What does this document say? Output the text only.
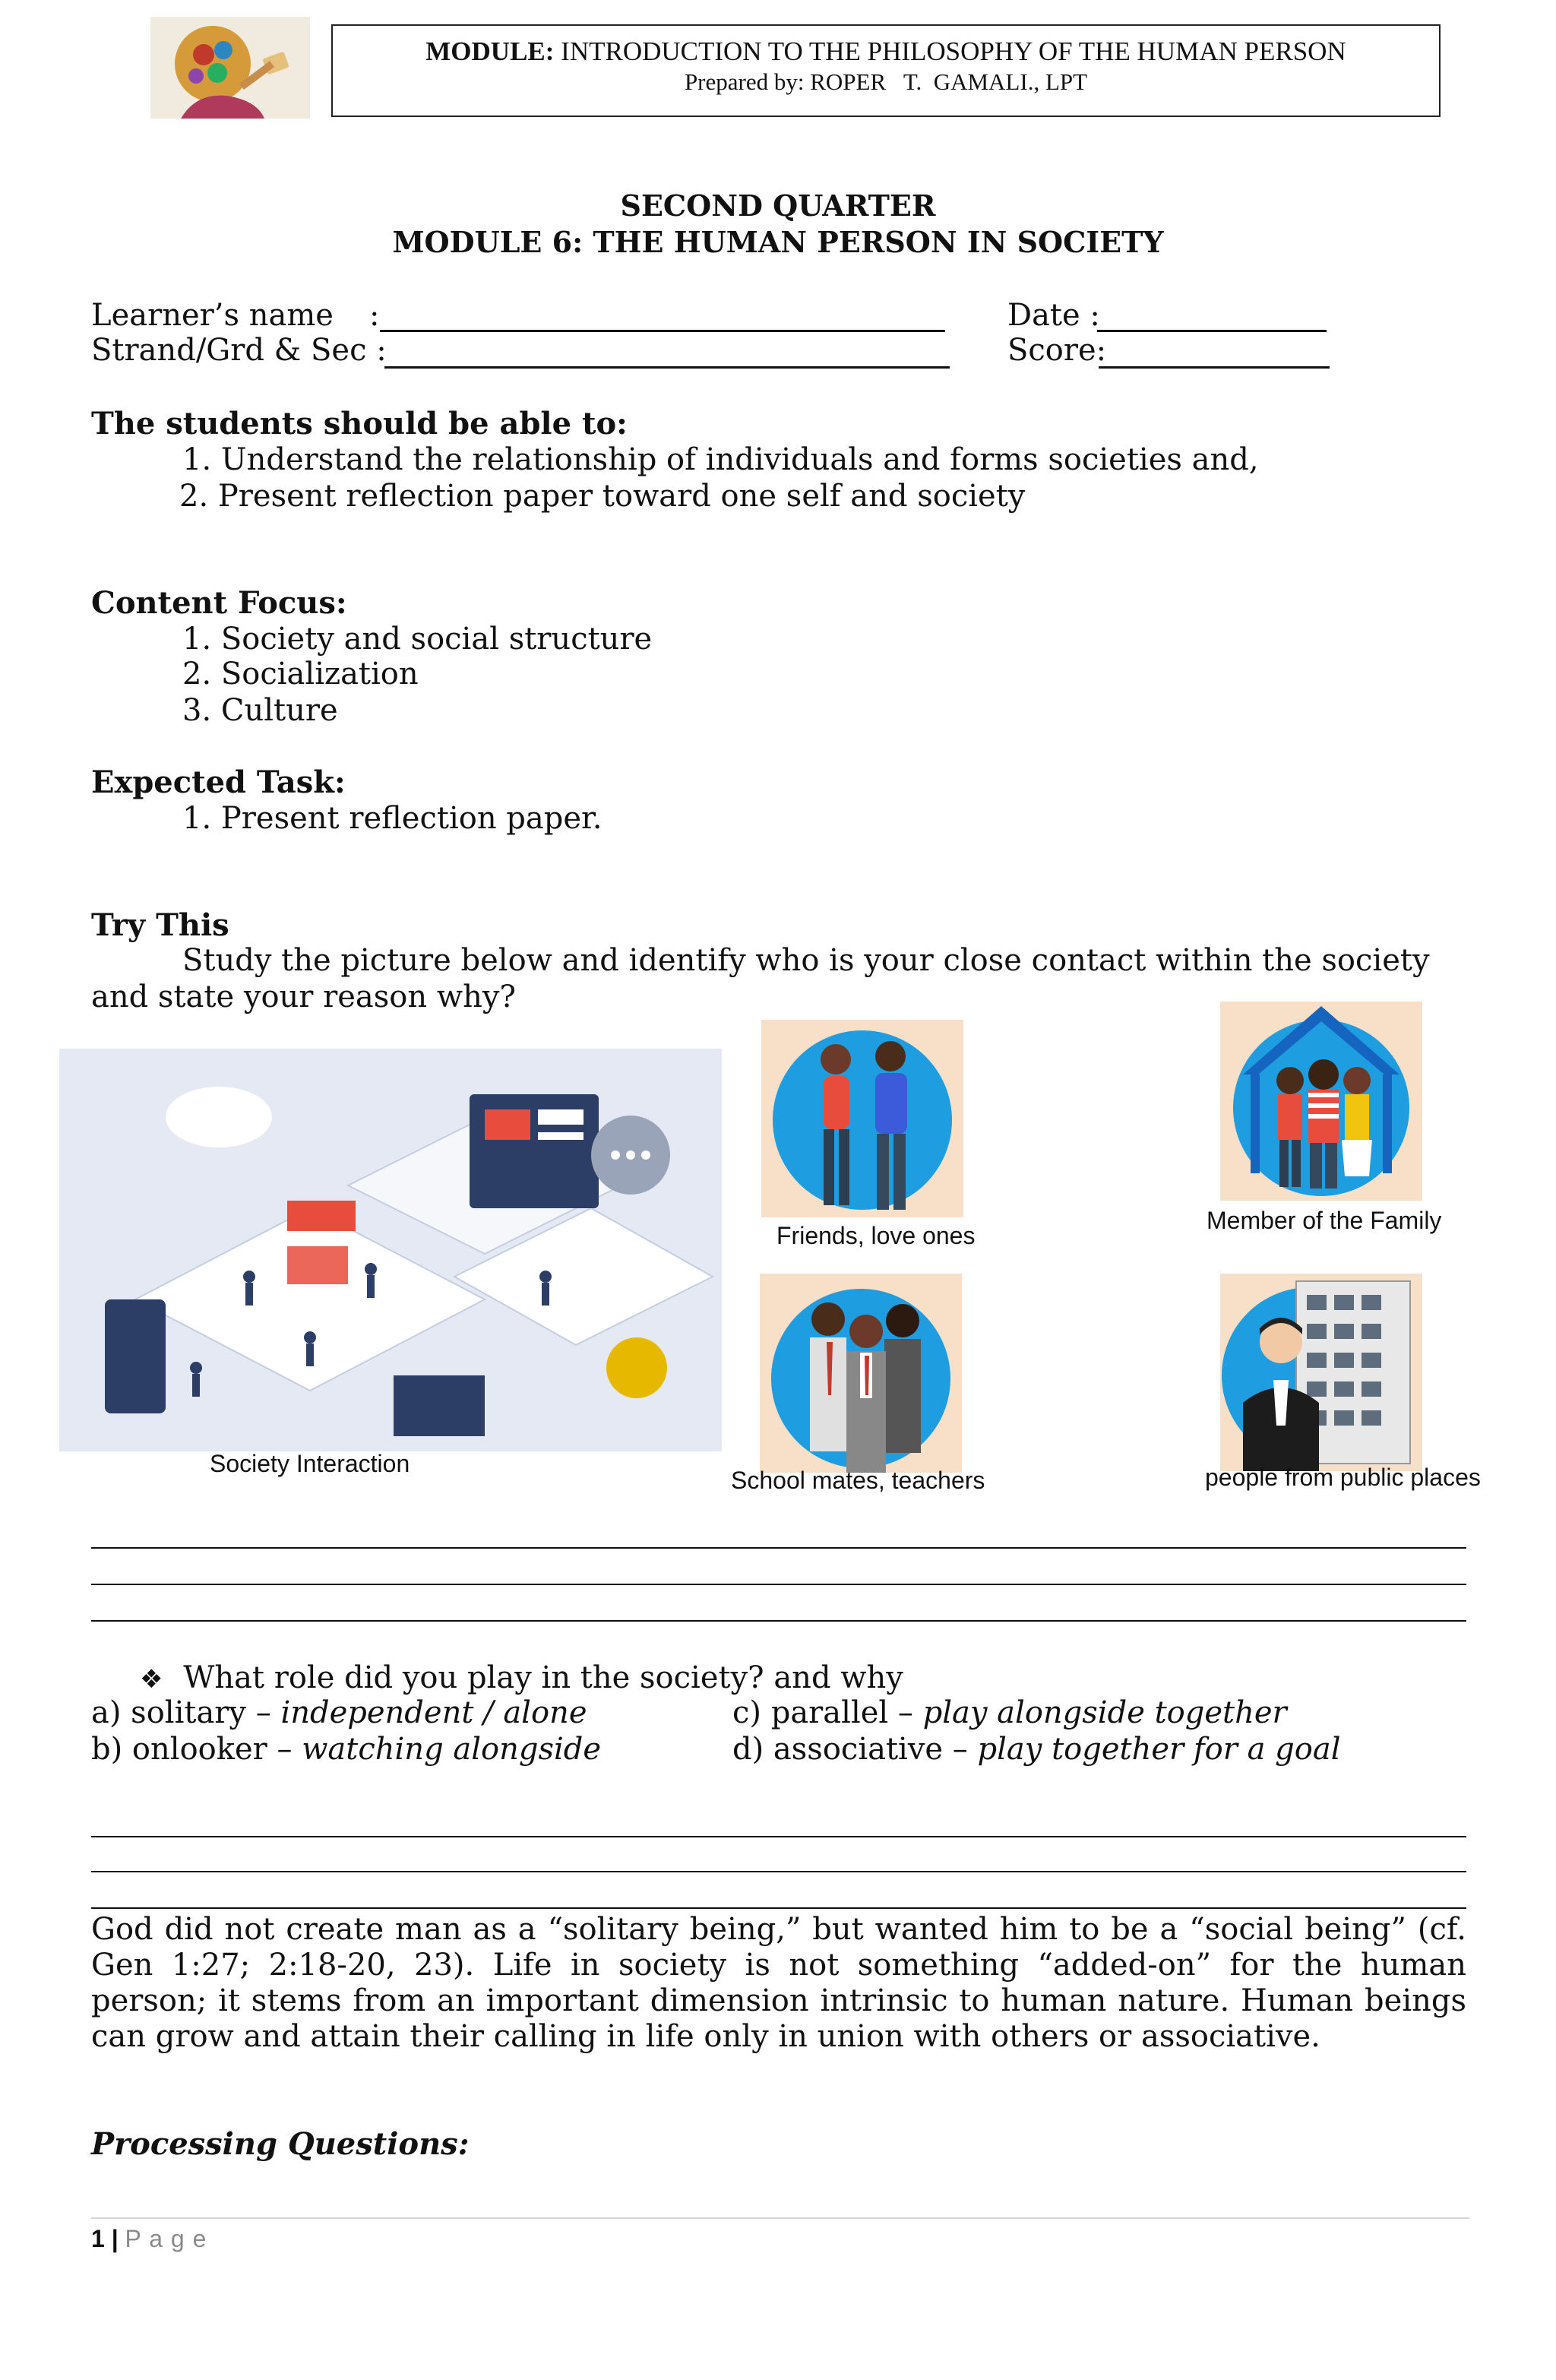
MODULE: INTRODUCTION TO THE PHILOSOPHY OF THE HUMAN PERSON
Prepared by: ROPER   T.  GAMALI., LPT
SECOND QUARTER
MODULE 6: THE HUMAN PERSON IN SOCIETY
Learner’s name :	Date :
Strand/Grd & Sec :	Score:
The students should be able to:
1. Understand the relationship of individuals and forms societies and,
2. Present reflection paper toward one self and society
Content Focus:
1. Society and social structure
2. Socialization
3. Culture
Expected Task:
1. Present reflection paper.
Try This
Study the picture below and identify who is your close contact within the society and state your reason why?
Society Interaction
Friends, love ones
Member of the Family
School mates, teachers	people from public places
❖ What role did you play in the society? and why
a) solitary – independent / alone	c) parallel – play alongside together
b) onlooker – watching alongside	d) associative – play together for a goal
God did not create man as a “solitary being,” but wanted him to be a “social being” (cf. Gen 1:27; 2:18-20, 23). Life in society is not something “added-on” for the human person; it stems from an important dimension intrinsic to human nature. Human beings can grow and attain their calling in life only in union with others or associative.
Processing Questions:
1 | P a g e
